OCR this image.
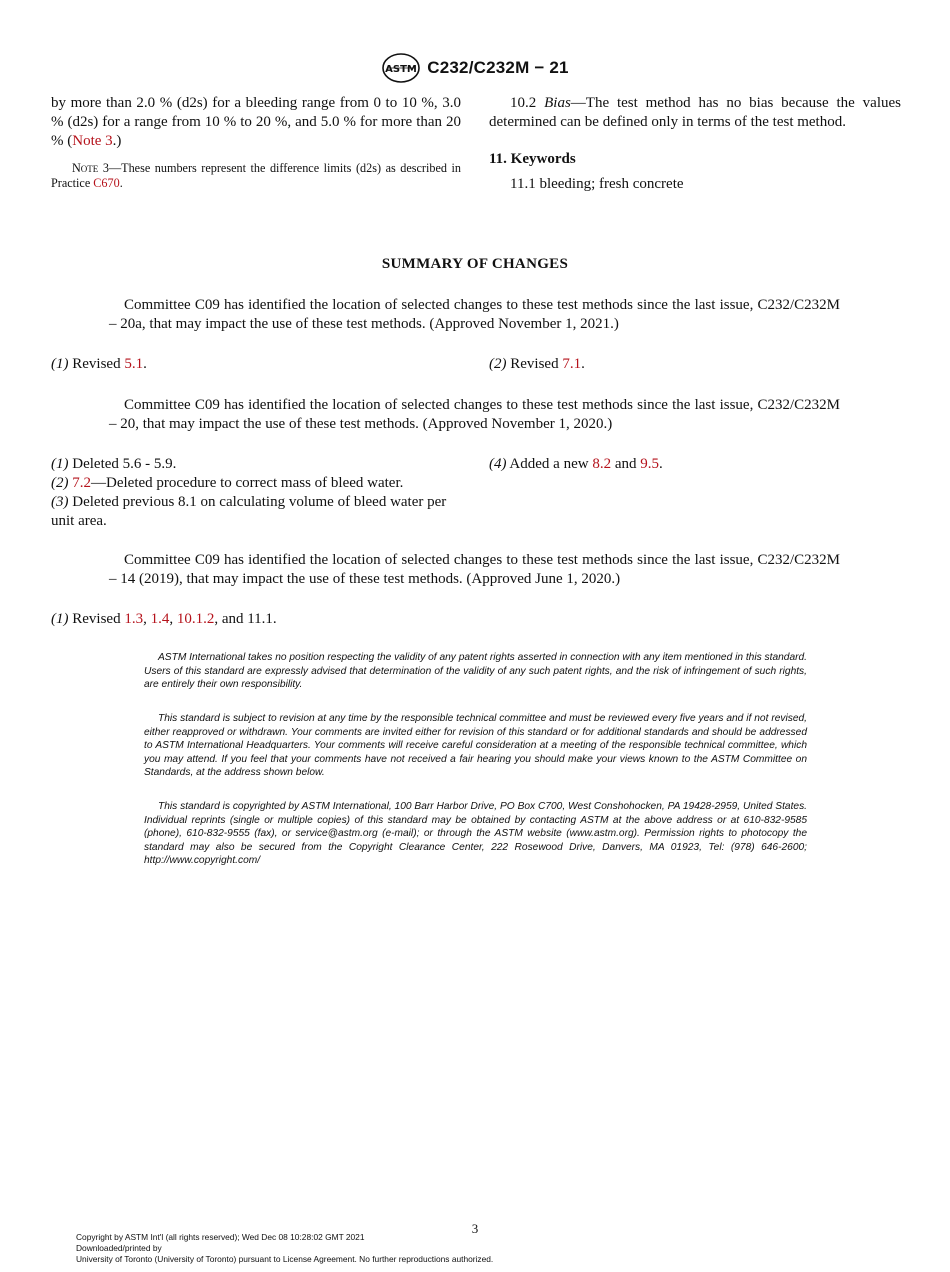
ASTM C232/C232M − 21

by more than 2.0 % (d2s) for a bleeding range from 0 to 10 %, 3.0 % (d2s) for a range from 10 % to 20 %, and 5.0 % for more than 20 % (Note 3.)

Note 3—These numbers represent the difference limits (d2s) as described in Practice C670.

10.2 Bias—The test method has no bias because the values determined can be defined only in terms of the test method.

11. Keywords

11.1 bleeding; fresh concrete

SUMMARY OF CHANGES
Committee C09 has identified the location of selected changes to these test methods since the last issue, C232/C232M – 20a, that may impact the use of these test methods. (Approved November 1, 2021.)

(1) Revised 5.1.	(2) Revised 7.1.

Committee C09 has identified the location of selected changes to these test methods since the last issue, C232/C232M – 20, that may impact the use of these test methods. (Approved November 1, 2020.)

(1) Deleted 5.6 - 5.9.

(2) 7.2—Deleted procedure to correct mass of bleed water.

(3) Deleted previous 8.1 on calculating volume of bleed water per unit area.

(4) Added a new 8.2 and 9.5.

Committee C09 has identified the location of selected changes to these test methods since the last issue, C232/C232M – 14 (2019), that may impact the use of these test methods. (Approved June 1, 2020.)

(1) Revised 1.3, 1.4, 10.1.2, and 11.1.

ASTM International takes no position respecting the validity of any patent rights asserted in connection with any item mentioned in this standard. Users of this standard are expressly advised that determination of the validity of any such patent rights, and the risk of infringement of such rights, are entirely their own responsibility.

This standard is subject to revision at any time by the responsible technical committee and must be reviewed every five years and if not revised, either reapproved or withdrawn. Your comments are invited either for revision of this standard or for additional standards and should be addressed to ASTM International Headquarters. Your comments will receive careful consideration at a meeting of the responsible technical committee, which you may attend. If you feel that your comments have not received a fair hearing you should make your views known to the ASTM Committee on Standards, at the address shown below.

This standard is copyrighted by ASTM International, 100 Barr Harbor Drive, PO Box C700, West Conshohocken, PA 19428-2959, United States. Individual reprints (single or multiple copies) of this standard may be obtained by contacting ASTM at the above address or at 610-832-9585 (phone), 610-832-9555 (fax), or service@astm.org (e-mail); or through the ASTM website (www.astm.org). Permission rights to photocopy the standard may also be secured from the Copyright Clearance Center, 222 Rosewood Drive, Danvers, MA 01923, Tel: (978) 646-2600; http://www.copyright.com/

3
Copyright by ASTM Int'l (all rights reserved); Wed Dec 08 10:28:02 GMT 2021
Downloaded/printed by
University of Toronto (University of Toronto) pursuant to License Agreement. No further reproductions authorized.
